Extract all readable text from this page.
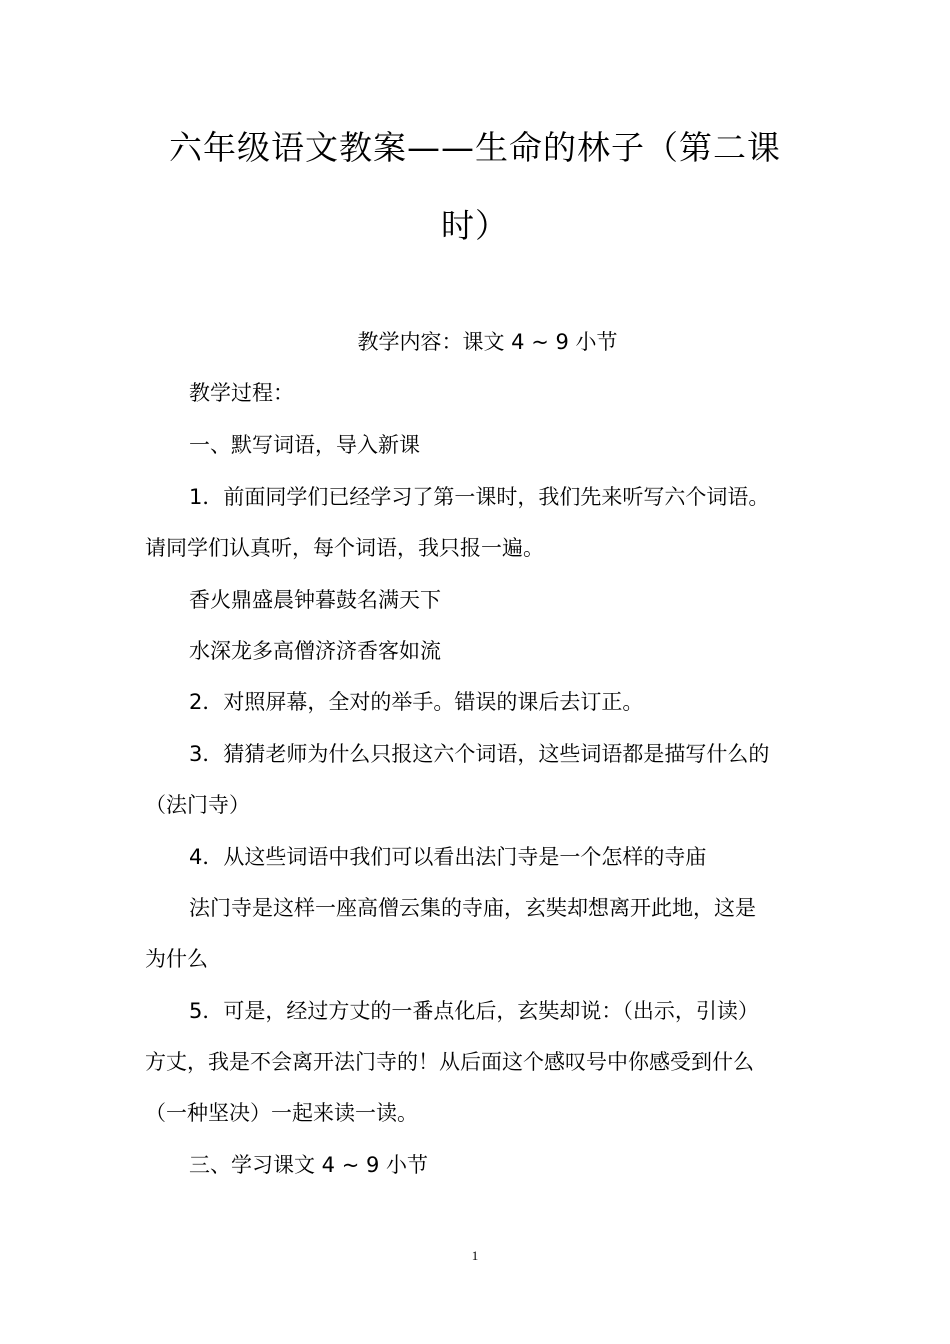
六年级语文教案——生命的林子（第二课
时）
教学内容：课文 4 ~ 9 小节
教学过程：
一、默写词语，导入新课
1．前面同学们已经学习了第一课时，我们先来听写六个词语。
请同学们认真听，每个词语，我只报一遍。
香火鼎盛晨钟暮鼓名满天下
水深龙多高僧济济香客如流
2．对照屏幕，全对的举手。错误的课后去订正。
3．猜猜老师为什么只报这六个词语，这些词语都是描写什么的
（法门寺）
4．从这些词语中我们可以看出法门寺是一个怎样的寺庙
法门寺是这样一座高僧云集的寺庙，玄奘却想离开此地，这是
为什么
5．可是，经过方丈的一番点化后，玄奘却说：（出示，引读）
方丈，我是不会离开法门寺的！从后面这个感叹号中你感受到什么
（一种坚决）一起来读一读。
三、学习课文 4 ~ 9 小节
1
